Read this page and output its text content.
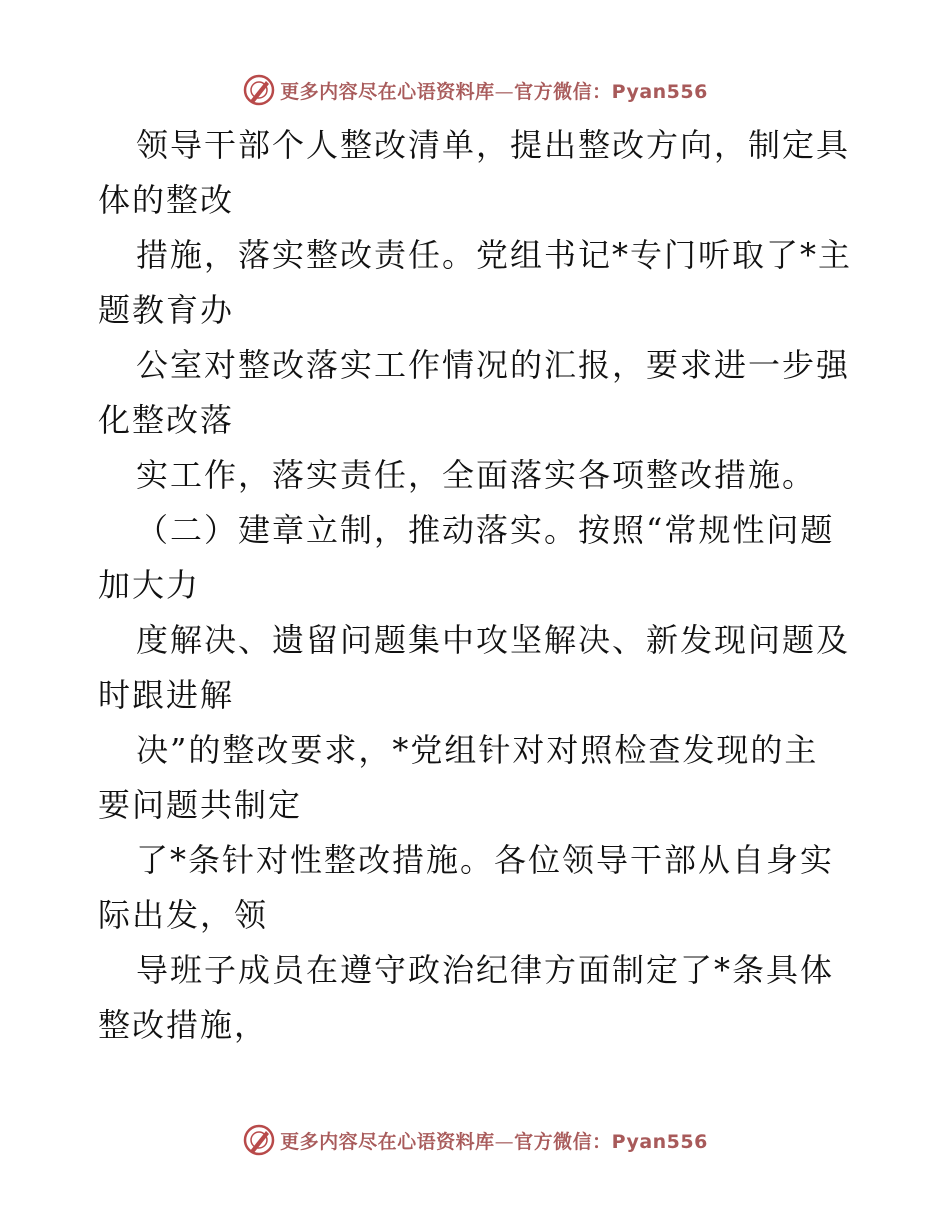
更多内容尽在心语资料库—官方微信：Pyan556

领导干部个人整改清单，提出整改方向，制定具

体的整改

措施，落实整改责任。党组书记*专门听取了*主

题教育办

公室对整改落实工作情况的汇报，要求进一步强

化整改落

实工作，落实责任，全面落实各项整改措施。

（二）建章立制，推动落实。按照“常规性问题

加大力

度解决、遗留问题集中攻坚解决、新发现问题及

时跟进解

决”的整改要求，*党组针对对照检查发现的主

要问题共制定

了*条针对性整改措施。各位领导干部从自身实

际出发，领

导班子成员在遵守政治纪律方面制定了*条具体

整改措施，

更多内容尽在心语资料库—官方微信：Pyan556
